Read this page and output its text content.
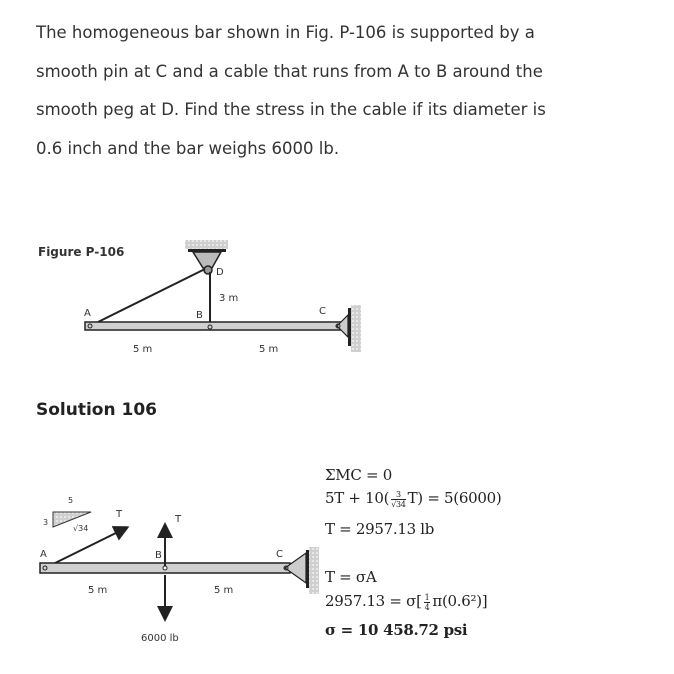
The homogeneous bar shown in Fig. P-106 is supported by a smooth pin at C and a cable that runs from A to B around the smooth peg at D. Find the stress in the cable if its diameter is 0.6 inch and the bar weighs 6000 lb.
Figure P-106
A	B	C
D
3 m
5 m	5 m
5
3
√34
T	T
A	B	C
5 m	5 m
6000 lb
Solution 106
ΣMC = 0
$5T + 10( \frac{3}{√34} T) = 5(6000)$
T = 2957.13 lb
T = σA
$2957.13 = \sigma[ \frac{1}{4} \pi(0.6^2)]$
σ = 10 458.72 psi
